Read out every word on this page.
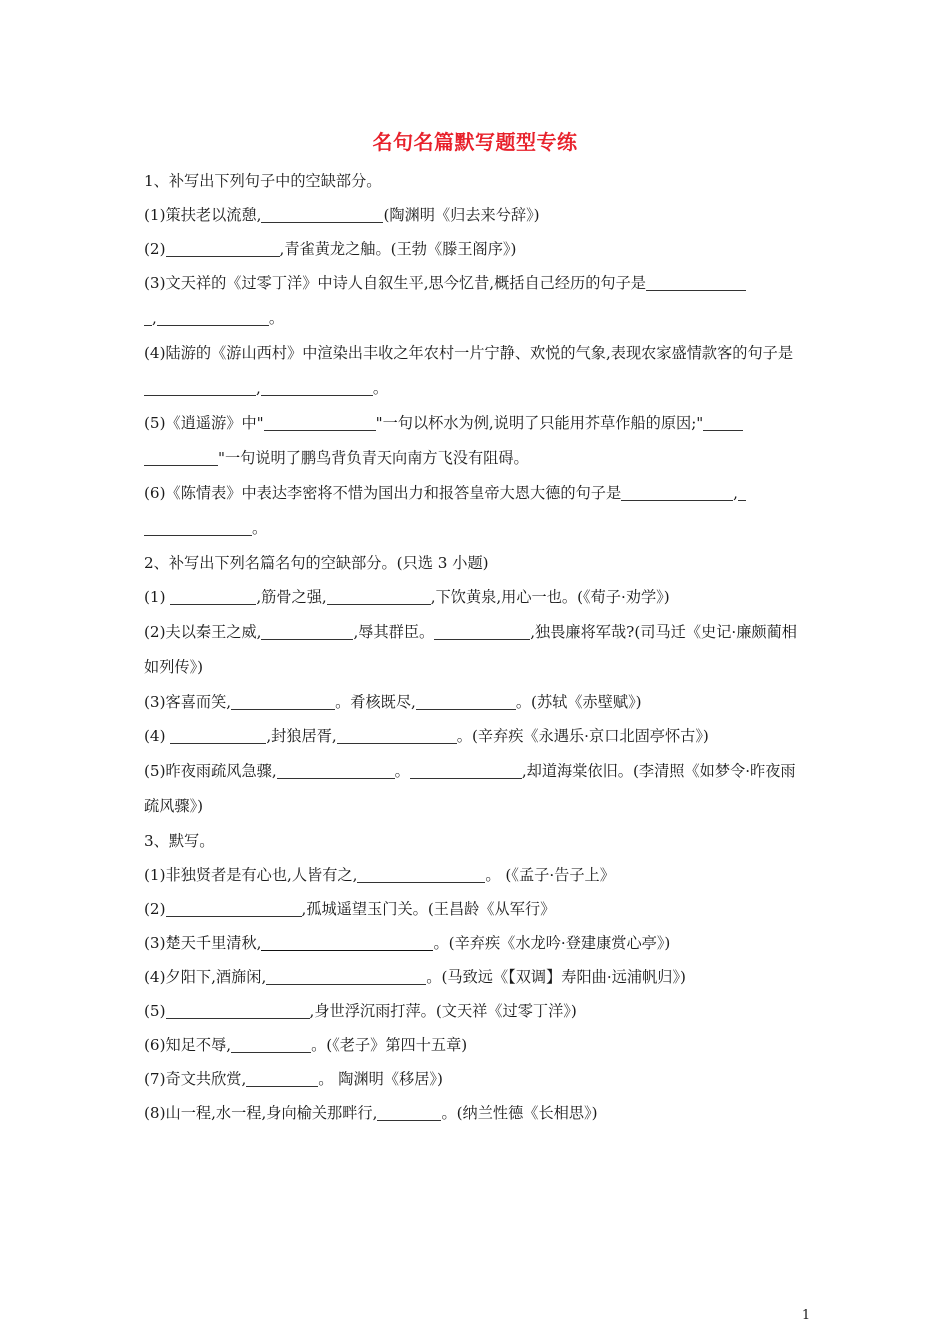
名句名篇默写题型专练

1、补写出下列句子中的空缺部分。

(1)策扶老以流憩,	(陶渊明《归去来兮辞》)

(2)	,青雀黄龙之舳。(王勃《滕王阁序》)

(3)文天祥的《过零丁洋》中诗人自叙生平,思今忆昔,概括自己经历的句子是
,	。

(4)陆游的《游山西村》中渲染出丰收之年农村一片宁静、欢悦的气象,表现农家盛情款客的句子是,	。

(5)《逍遥游》中"	"一句以杯水为例,说明了只能用芥草作船的原因;"
"一句说明了鹏鸟背负青天向南方飞没有阻碍。

(6)《陈情表》中表达李密将不惜为国出力和报答皇帝大恩大德的句子是	,
。

2、补写出下列名篇名句的空缺部分。(只选 3 小题)

(1)	,筋骨之强,	,下饮黄泉,用心一也。(《荀子·劝学》)

(2)夫以秦王之威,	,辱其群臣。	,独畏廉将军哉?(司马迁《史记·廉颇蔺相如列传》)

(3)客喜而笑,	。肴核既尽,	。(苏轼《赤壁赋》)

(4)	,封狼居胥,	。(辛弃疾《永遇乐·京口北固亭怀古》)

(5)昨夜雨疏风急骤,	。	,却道海棠依旧。(李清照《如梦令·昨夜雨疏风骤》)

3、默写。

(1)非独贤者是有心也,人皆有之,	。 (《孟子·告子上》

(2)	,孤城遥望玉门关。(王昌龄《从军行》

(3)楚天千里清秋,	。(辛弃疾《水龙吟·登建康赏心亭》)

(4)夕阳下,酒旆闲,	。(马致远《【双调】寿阳曲·远浦帆归》)

(5)	,身世浮沉雨打萍。(文天祥《过零丁洋》)

(6)知足不辱,	。(《老子》第四十五章)

(7)奇文共欣赏,	。 陶渊明《移居》)

(8)山一程,水一程,身向榆关那畔行,	。(纳兰性德《长相思》)

1
